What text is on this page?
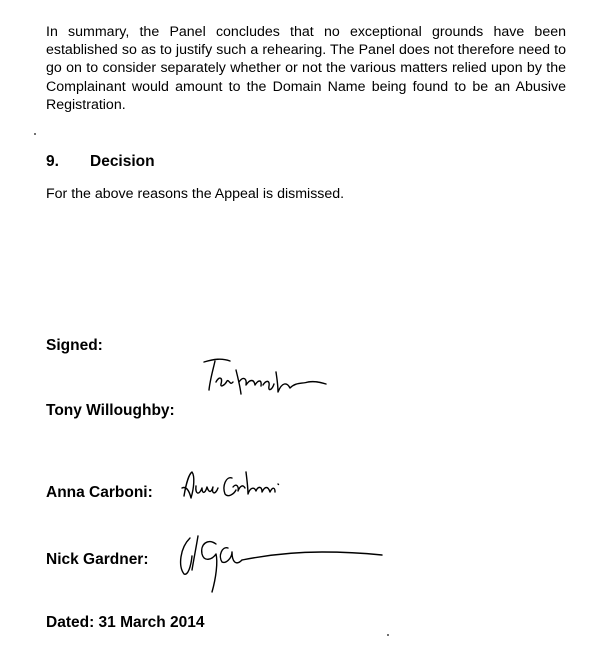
In summary, the Panel concludes that no exceptional grounds have been established so as to justify such a rehearing. The Panel does not therefore need to go on to consider separately whether or not the various matters relied upon by the Complainant would amount to the Domain Name being found to be an Abusive Registration.

9. Decision

For the above reasons the Appeal is dismissed.

Signed:

Tony Willoughby:

Anna Carboni:

Nick Gardner:

Dated: 31 March 2014
